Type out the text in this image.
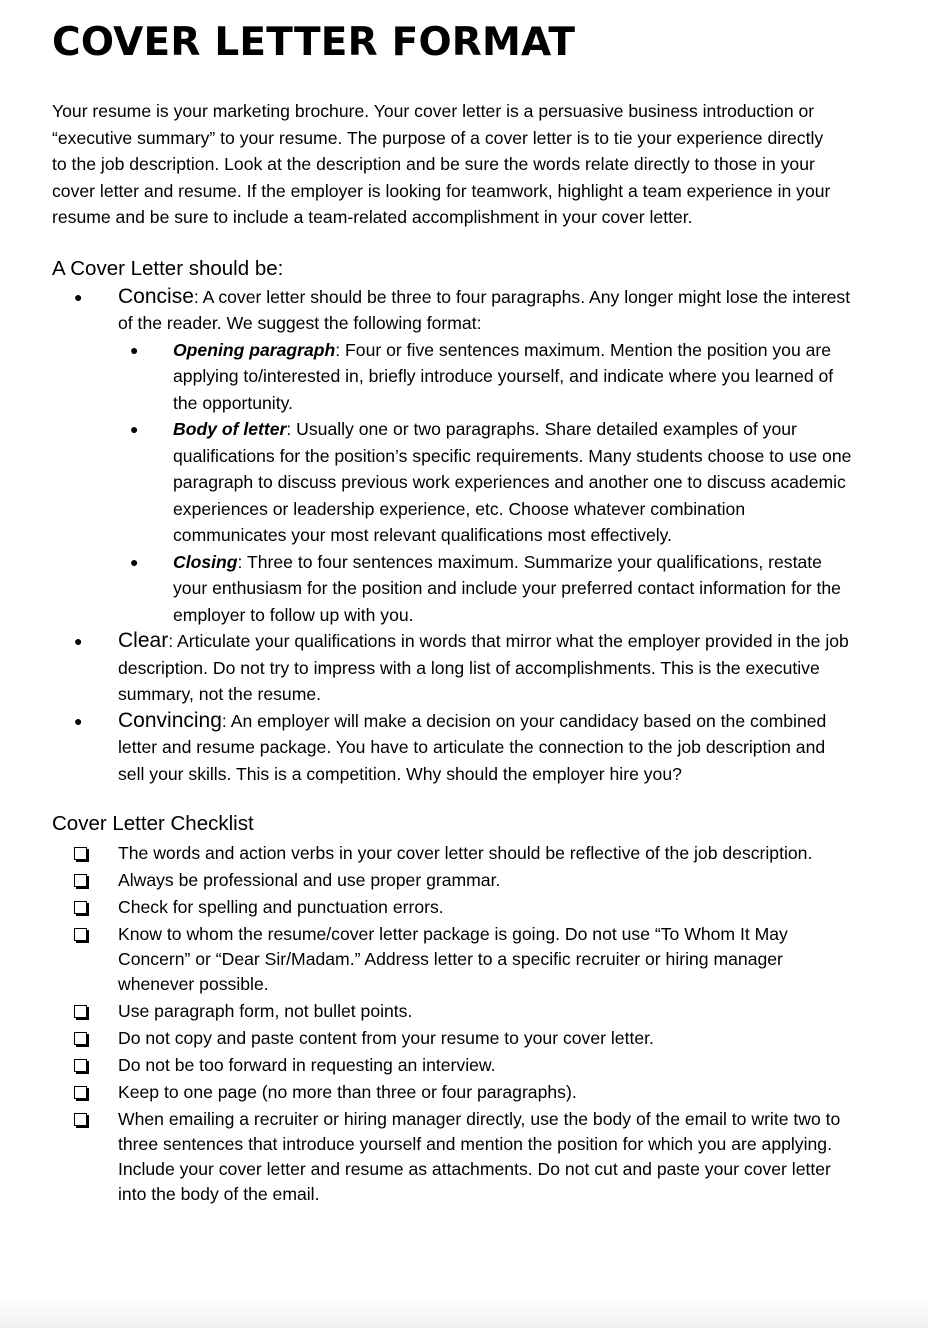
COVER LETTER FORMAT

Your resume is your marketing brochure. Your cover letter is a persuasive business introduction or “executive summary” to your resume. The purpose of a cover letter is to tie your experience directly to the job description. Look at the description and be sure the words relate directly to those in your cover letter and resume. If the employer is looking for teamwork, highlight a team experience in your resume and be sure to include a team-related accomplishment in your cover letter.

A Cover Letter should be:
● Concise: A cover letter should be three to four paragraphs. Any longer might lose the interest of the reader. We suggest the following format:
● Opening paragraph: Four or five sentences maximum. Mention the position you are applying to/interested in, briefly introduce yourself, and indicate where you learned of the opportunity.
● Body of letter: Usually one or two paragraphs. Share detailed examples of your qualifications for the position’s specific requirements. Many students choose to use one paragraph to discuss previous work experiences and another one to discuss academic experiences or leadership experience, etc. Choose whatever combination communicates your most relevant qualifications most effectively.
● Closing: Three to four sentences maximum. Summarize your qualifications, restate your enthusiasm for the position and include your preferred contact information for the employer to follow up with you.
● Clear: Articulate your qualifications in words that mirror what the employer provided in the job description. Do not try to impress with a long list of accomplishments. This is the executive summary, not the resume.
● Convincing: An employer will make a decision on your candidacy based on the combined letter and resume package. You have to articulate the connection to the job description and sell your skills. This is a competition. Why should the employer hire you?
Cover Letter Checklist
The words and action verbs in your cover letter should be reflective of the job description.
Always be professional and use proper grammar.
Check for spelling and punctuation errors.
Know to whom the resume/cover letter package is going. Do not use “To Whom It May Concern” or “Dear Sir/Madam.” Address letter to a specific recruiter or hiring manager whenever possible.
Use paragraph form, not bullet points.
Do not copy and paste content from your resume to your cover letter.
Do not be too forward in requesting an interview.
Keep to one page (no more than three or four paragraphs).
When emailing a recruiter or hiring manager directly, use the body of the email to write two to three sentences that introduce yourself and mention the position for which you are applying. Include your cover letter and resume as attachments. Do not cut and paste your cover letter into the body of the email.
